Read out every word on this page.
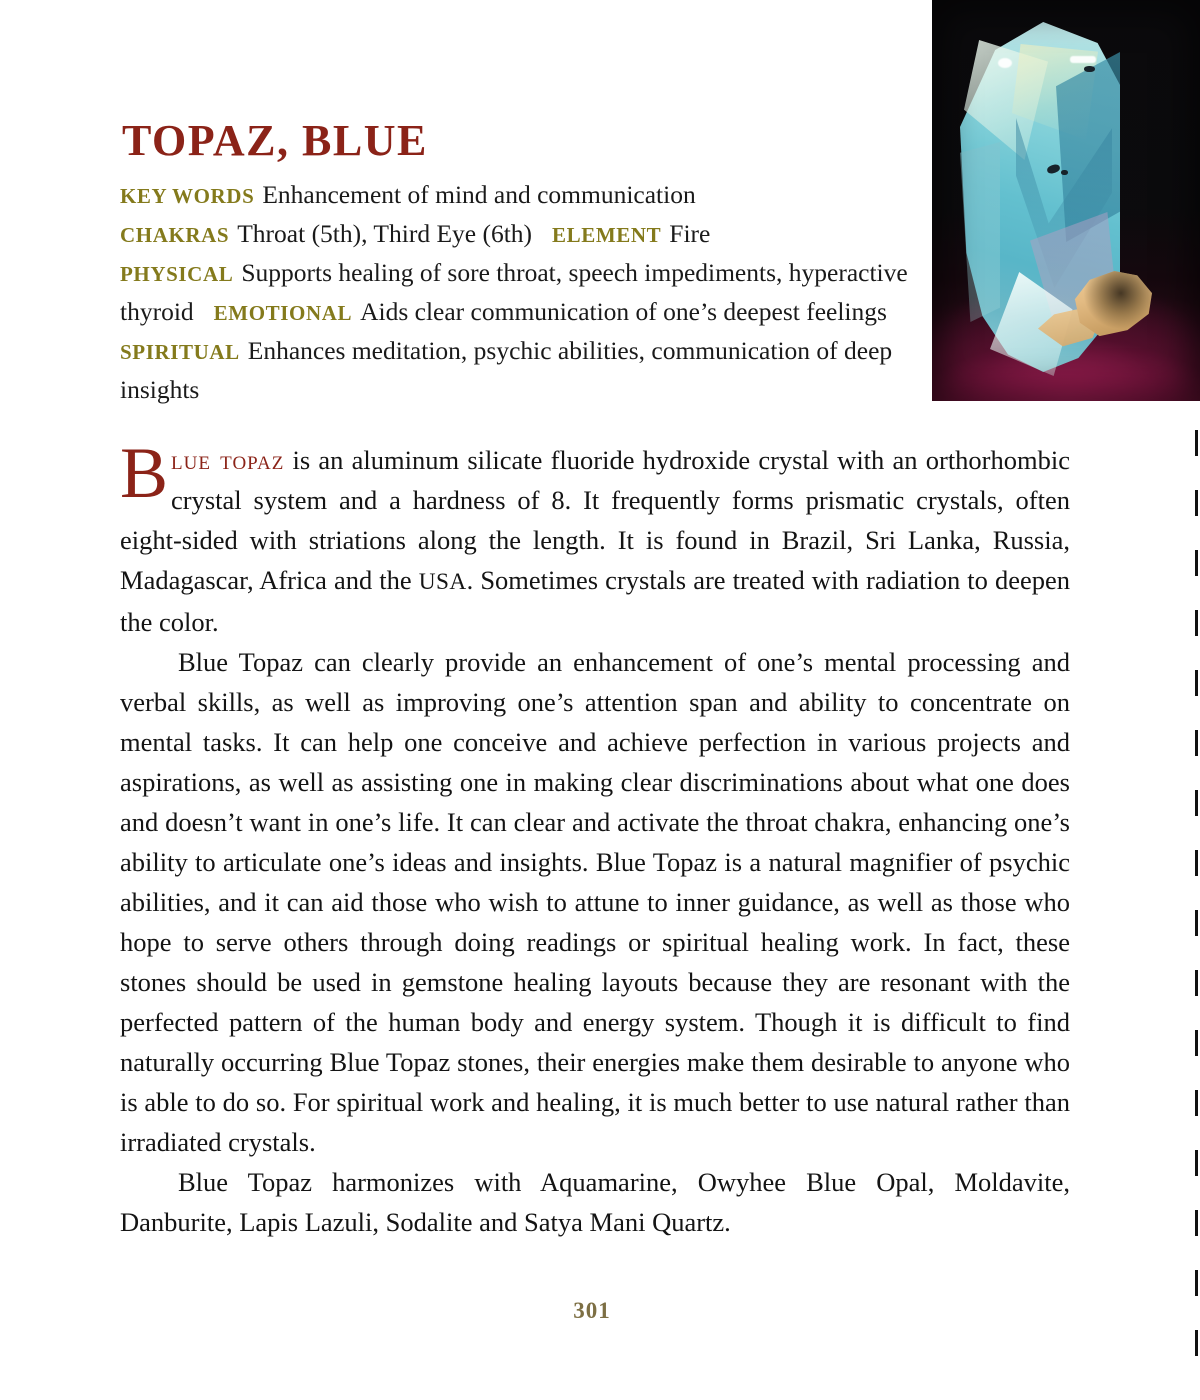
TOPAZ, BLUE
KEY WORDS Enhancement of mind and communication
CHAKRAS Throat (5th), Third Eye (6th) ELEMENT Fire
PHYSICAL Supports healing of sore throat, speech impediments, hyperactive thyroid EMOTIONAL Aids clear communication of one’s deepest feelingsSPIRITUAL Enhances meditation, psychic abilities, communication of deep insights

Blue topaz is an aluminum silicate fluoride hydroxide crystal with an orthorhombic crystal system and a hardness of 8. It frequently forms prismatic crystals, often eight-sided with striations along the length. It is found in Brazil, Sri Lanka, Russia, Madagascar, Africa and the USA. Sometimes crystals are treated with radiation to deepen the color.

Blue Topaz can clearly provide an enhancement of one’s mental processing and verbal skills, as well as improving one’s attention span and ability to concentrate on mental tasks. It can help one conceive and achieve perfection in various projects and aspirations, as well as assisting one in making clear discriminations about what one does and doesn’t want in one’s life. It can clear and activate the throat chakra, enhancing one’s ability to articulate one’s ideas and insights. Blue Topaz is a natural magnifier of psychic abilities, and it can aid those who wish to attune to inner guidance, as well as those who hope to serve others through doing readings or spiritual healing work. In fact, these stones should be used in gemstone healing layouts because they are resonant with the perfected pattern of the human body and energy system. Though it is difficult to find naturally occurring Blue Topaz stones, their energies make them desirable to anyone who is able to do so. For spiritual work and healing, it is much better to use natural rather than irradiated crystals.

Blue Topaz harmonizes with Aquamarine, Owyhee Blue Opal, Moldavite, Danburite, Lapis Lazuli, Sodalite and Satya Mani Quartz.

301
